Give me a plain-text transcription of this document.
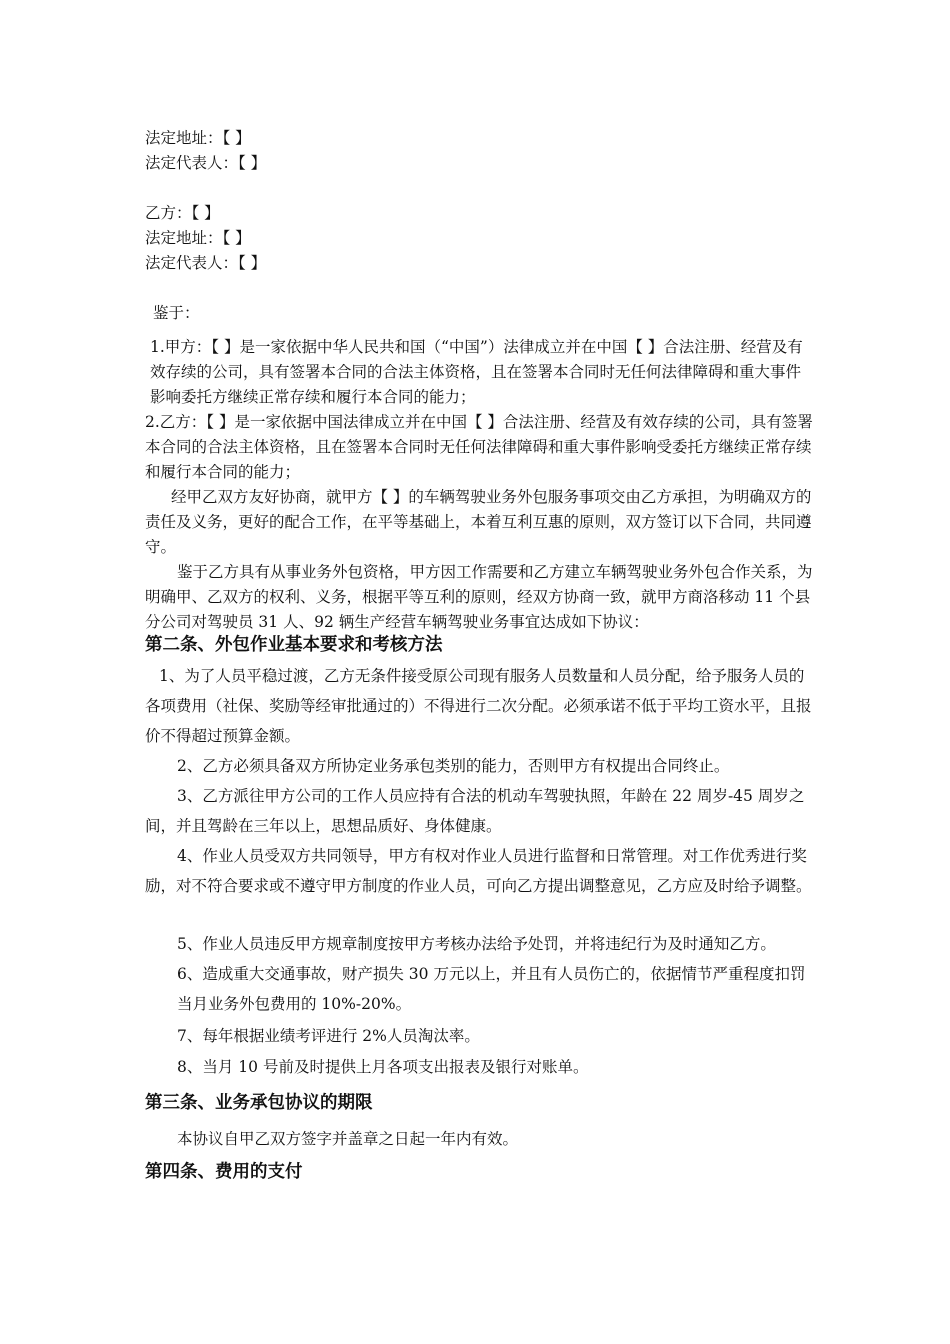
法定地址：【 】
法定代表人：【 】
乙方：【 】
法定地址：【 】
法定代表人：【 】
鉴于：
1.甲方：【 】是一家依据中华人民共和国（“中国”）法律成立并在中国【 】合法注册、经营及有效存续的公司，具有签署本合同的合法主体资格，且在签署本合同时无任何法律障碍和重大事件影响委托方继续正常存续和履行本合同的能力；
2.乙方：【 】是一家依据中国法律成立并在中国【 】合法注册、经营及有效存续的公司，具有签署本合同的合法主体资格，且在签署本合同时无任何法律障碍和重大事件影响受委托方继续正常存续和履行本合同的能力；
经甲乙双方友好协商，就甲方【 】的车辆驾驶业务外包服务事项交由乙方承担，为明确双方的责任及义务，更好的配合工作，在平等基础上，本着互利互惠的原则，双方签订以下合同，共同遵守。
鉴于乙方具有从事业务外包资格，甲方因工作需要和乙方建立车辆驾驶业务外包合作关系，为明确甲、乙双方的权利、义务，根据平等互利的原则，经双方协商一致，就甲方商洛移动 11 个县分公司对驾驶员 31 人、92 辆生产经营车辆驾驶业务事宜达成如下协议：
第二条、外包作业基本要求和考核方法
1、为了人员平稳过渡，乙方无条件接受原公司现有服务人员数量和人员分配，给予服务人员的各项费用（社保、奖励等经审批通过的）不得进行二次分配。必须承诺不低于平均工资水平，且报价不得超过预算金额。
2、乙方必须具备双方所协定业务承包类别的能力，否则甲方有权提出合同终止。
3、乙方派往甲方公司的工作人员应持有合法的机动车驾驶执照，年龄在 22 周岁-45 周岁之间，并且驾龄在三年以上，思想品质好、身体健康。
4、作业人员受双方共同领导，甲方有权对作业人员进行监督和日常管理。对工作优秀进行奖励，对不符合要求或不遵守甲方制度的作业人员，可向乙方提出调整意见，乙方应及时给予调整。
5、作业人员违反甲方规章制度按甲方考核办法给予处罚，并将违纪行为及时通知乙方。
6、造成重大交通事故，财产损失 30 万元以上，并且有人员伤亡的，依据情节严重程度扣罚当月业务外包费用的 10%-20%。
7、每年根据业绩考评进行 2%人员淘汰率。
8、当月 10 号前及时提供上月各项支出报表及银行对账单。
第三条、业务承包协议的期限
本协议自甲乙双方签字并盖章之日起一年内有效。
第四条、费用的支付
